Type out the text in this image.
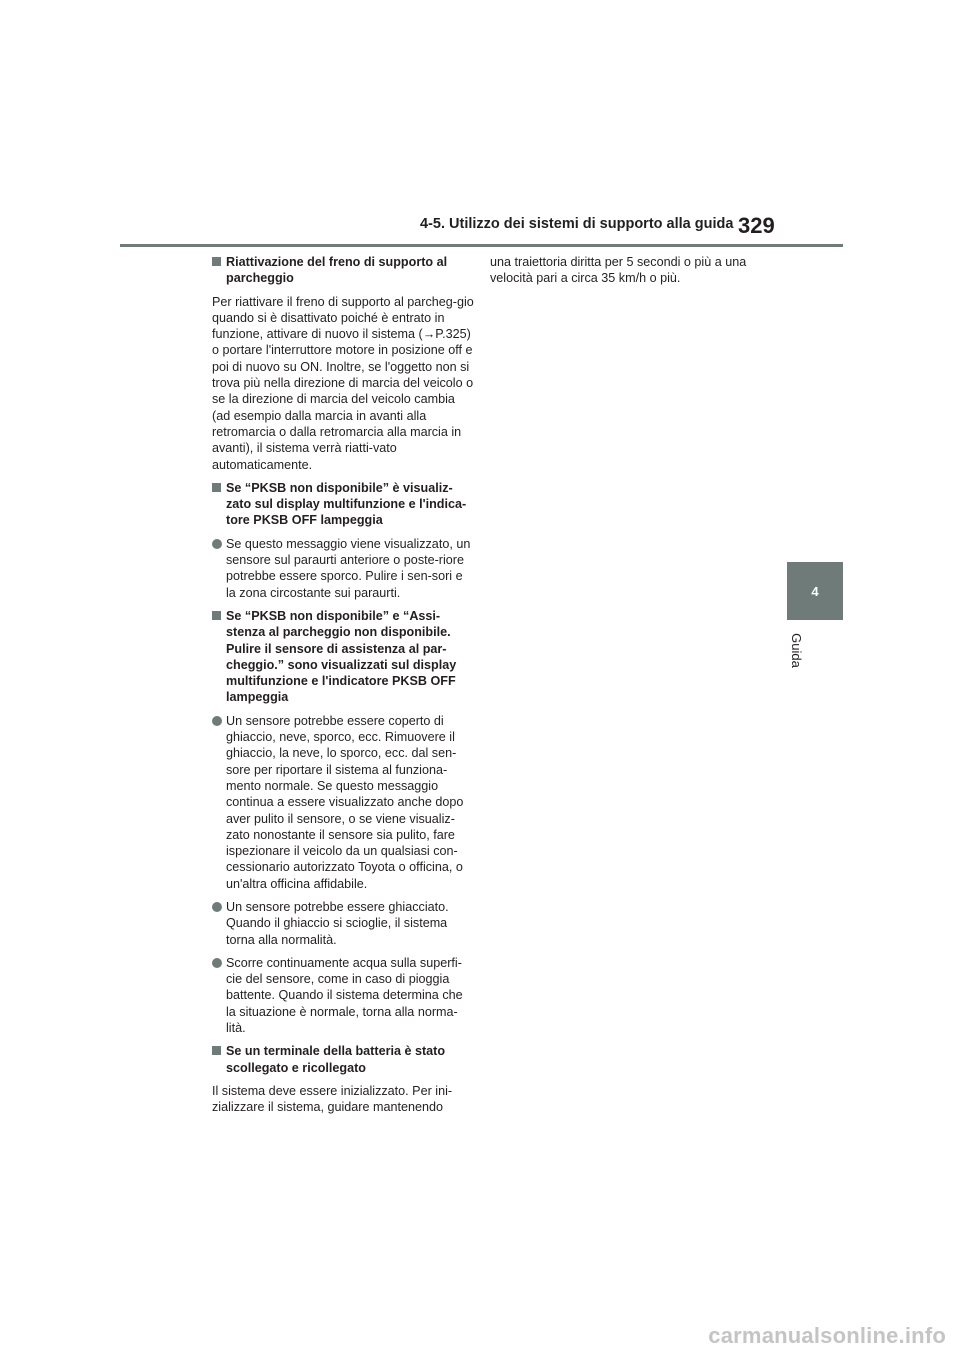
4-5. Utilizzo dei sistemi di supporto alla guida 329
4
Guida
Riattivazione del freno di supporto al parcheggio
Per riattivare il freno di supporto al parcheg-gio quando si è disattivato poiché è entrato in funzione, attivare di nuovo il sistema (→P.325) o portare l'interruttore motore in posizione off e poi di nuovo su ON. Inoltre, se l'oggetto non si trova più nella direzione di marcia del veicolo o se la direzione di marcia del veicolo cambia (ad esempio dalla marcia in avanti alla retromarcia o dalla retromarcia alla marcia in avanti), il sistema verrà riatti-vato automaticamente.
Se “PKSB non disponibile” è visualiz-zato sul display multifunzione e l'indica-tore PKSB OFF lampeggia
Se questo messaggio viene visualizzato, un sensore sul paraurti anteriore o poste-riore potrebbe essere sporco. Pulire i sen-sori e la zona circostante sui paraurti.
Se “PKSB non disponibile” e “Assi-stenza al parcheggio non disponibile. Pulire il sensore di assistenza al par-cheggio.” sono visualizzati sul display multifunzione e l'indicatore PKSB OFF lampeggia
Un sensore potrebbe essere coperto di ghiaccio, neve, sporco, ecc. Rimuovere il ghiaccio, la neve, lo sporco, ecc. dal sen-sore per riportare il sistema al funziona-mento normale. Se questo messaggio continua a essere visualizzato anche dopo aver pulito il sensore, o se viene visualiz-zato nonostante il sensore sia pulito, fare ispezionare il veicolo da un qualsiasi con-cessionario autorizzato Toyota o officina, o un'altra officina affidabile.
Un sensore potrebbe essere ghiacciato. Quando il ghiaccio si scioglie, il sistema torna alla normalità.
Scorre continuamente acqua sulla superfi-cie del sensore, come in caso di pioggia battente. Quando il sistema determina che la situazione è normale, torna alla norma-lità.
Se un terminale della batteria è stato scollegato e ricollegato
Il sistema deve essere inizializzato. Per ini-zializzare il sistema, guidare mantenendo
una traiettoria diritta per 5 secondi o più a una velocità pari a circa 35 km/h o più.
carmanualsonline.info
